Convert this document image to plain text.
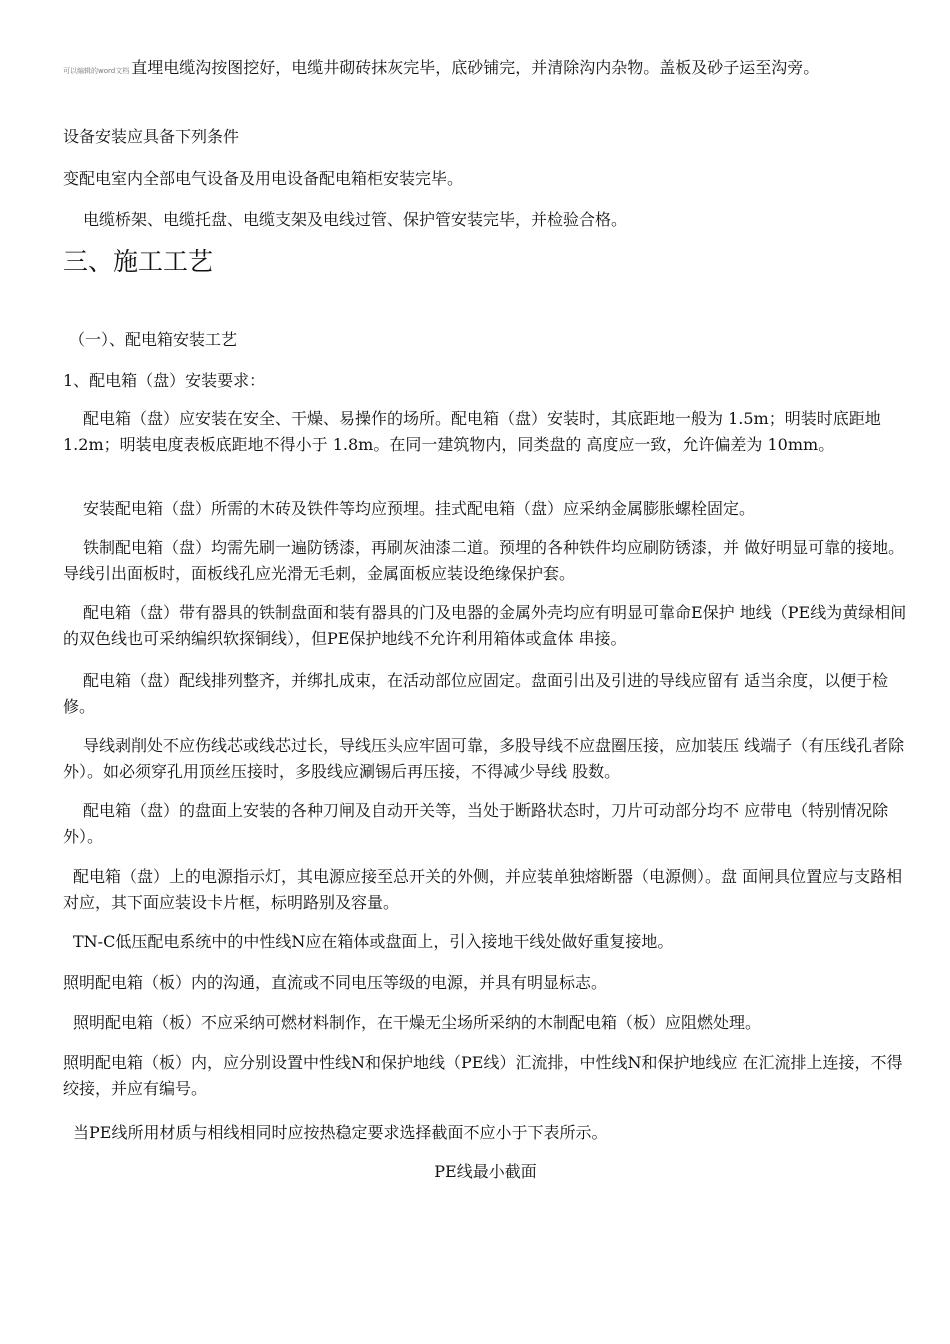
可以编辑的word文档 直埋电缆沟按图挖好，电缆井砌砖抹灰完毕，底砂铺完，并清除沟内杂物。盖板及砂子运至沟旁。

设备安装应具备下列条件

变配电室内全部电气设备及用电设备配电箱柜安装完毕。

电缆桥架、电缆托盘、电缆支架及电线过管、保护管安装完毕，并检验合格。

三、施工工艺

（一）、配电箱安装工艺

1、配电箱（盘）安装要求：

配电箱（盘）应安装在安全、干燥、易操作的场所。配电箱（盘）安装时，其底距地一般为 1.5m；明装时底距地 1.2m；明装电度表板底距地不得小于 1.8m。在同一建筑物内，同类盘的 高度应一致，允许偏差为 10mm。

安装配电箱（盘）所需的木砖及铁件等均应预埋。挂式配电箱（盘）应采纳金属膨胀螺栓固定。

铁制配电箱（盘）均需先刷一遍防锈漆，再刷灰油漆二道。预埋的各种铁件均应刷防锈漆，并 做好明显可靠的接地。导线引出面板时，面板线孔应光滑无毛刺，金属面板应装设绝缘保护套。

配电箱（盘）带有器具的铁制盘面和装有器具的门及电器的金属外壳均应有明显可靠命E保护 地线（PE线为黄绿相间的双色线也可采纳编织软探铜线），但PE保护地线不允许利用箱体或盒体 串接。

配电箱（盘）配线排列整齐，并绑扎成束，在活动部位应固定。盘面引出及引进的导线应留有 适当余度，以便于检修。

导线剥削处不应伤线芯或线芯过长，导线压头应牢固可靠，多股导线不应盘圈压接，应加装压 线端子（有压线孔者除外）。如必须穿孔用顶丝压接时，多股线应涮锡后再压接，不得减少导线 股数。

配电箱（盘）的盘面上安装的各种刀闸及自动开关等，当处于断路状态时，刀片可动部分均不 应带电（特别情况除外）。

配电箱（盘）上的电源指示灯，其电源应接至总开关的外侧，并应装单独熔断器（电源侧）。盘 面闸具位置应与支路相对应，其下面应装设卡片框，标明路别及容量。

TN-C低压配电系统中的中性线N应在箱体或盘面上，引入接地干线处做好重复接地。

照明配电箱（板）内的沟通，直流或不同电压等级的电源，并具有明显标志。

照明配电箱（板）不应采纳可燃材料制作，在干燥无尘场所采纳的木制配电箱（板）应阻燃处理。

照明配电箱（板）内，应分别设置中性线N和保护地线（PE线）汇流排，中性线N和保护地线应 在汇流排上连接，不得绞接，并应有编号。

当PE线所用材质与相线相同时应按热稳定要求选择截面不应小于下表所示。

PE线最小截面
